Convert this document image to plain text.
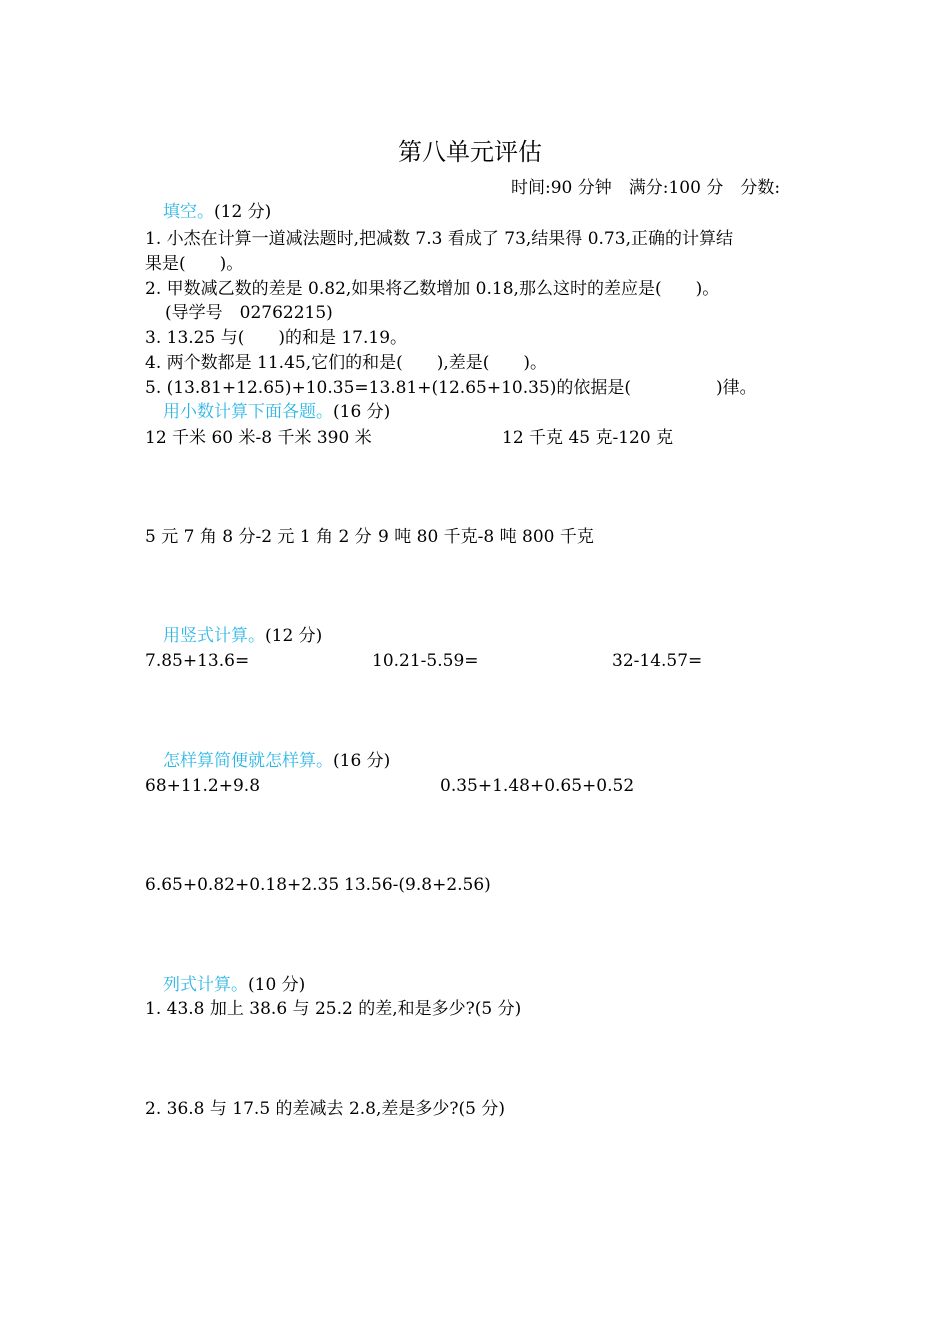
第八单元评估
时间:90 分钟　满分:100 分　分数:
填空。(12 分)
1. 小杰在计算一道减法题时,把减数 7.3 看成了 73,结果得 0.73,正确的计算结
果是(　　)。
2. 甲数减乙数的差是 0.82,如果将乙数增加 0.18,那么这时的差应是(　　)。
(导学号　02762215)
3. 13.25 与(　　)的和是 17.19。
4. 两个数都是 11.45,它们的和是(　　),差是(　　)。
5. (13.81+12.65)+10.35=13.81+(12.65+10.35)的依据是(　　　　　)律。
用小数计算下面各题。(16 分)
12 千米 60 米-8 千米 390 米	12 千克 45 克-120 克
5 元 7 角 8 分-2 元 1 角 2 分 9 吨 80 千克-8 吨 800 千克
用竖式计算。(12 分)
7.85+13.6=	10.21-5.59=	32-14.57=
怎样算简便就怎样算。(16 分)
68+11.2+9.8	0.35+1.48+0.65+0.52
6.65+0.82+0.18+2.35 13.56-(9.8+2.56)
列式计算。(10 分)
1. 43.8 加上 38.6 与 25.2 的差,和是多少?(5 分)
2. 36.8 与 17.5 的差减去 2.8,差是多少?(5 分)
